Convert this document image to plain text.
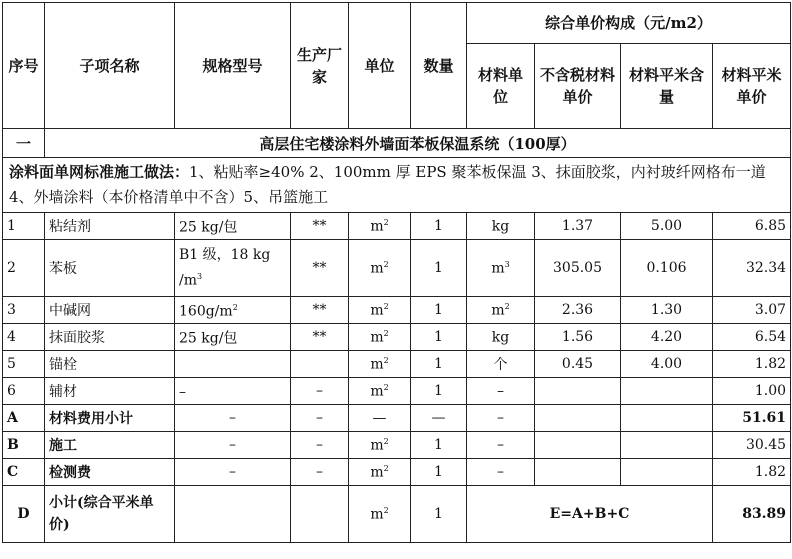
序号	子项名称	规格型号	生产厂家	单位	数量	综合单价构成（元/m2）			
						材料单位	不含税材料单价	材料平米含量	材料平米单价
一	高层住宅楼涂料外墙面苯板保温系统（100厚）								
涂料面单网标准施工做法：1、粘贴率≥40% 2、100mm 厚 EPS 聚苯板保温 3、抹面胶浆，内衬玻纤网格布一道 4、外墙涂料（本价格清单中不含）5、吊篮施工									
1	粘结剂	25 kg/包	**	$m^2$	1	kg	1.37	5.00	6.85
2	苯板	B1 级，18 kg $/m^3$	**	$m^2$	1	$m^3$	305.05	0.106	32.34
3	中碱网	$160g/m^2$	**	$m^2$	1	$m^2$	2.36	1.30	3.07
4	抹面胶浆	25 kg/包	**	$m^2$	1	kg	1.56	4.20	6.54
5	锚栓			$m^2$	1	个	0.45	4.00	1.82
6	辅材	–	–	$m^2$	1	–			1.00
A	材料费用小计	–	–	—	—	–			51.61
B	施工	–	–	$m^2$	1	–			30.45
C	检测费	–	–	$m^2$	1	–			1.82
D	小计(综合平米单价)			$m^2$	1	E=A+B+C			83.89
